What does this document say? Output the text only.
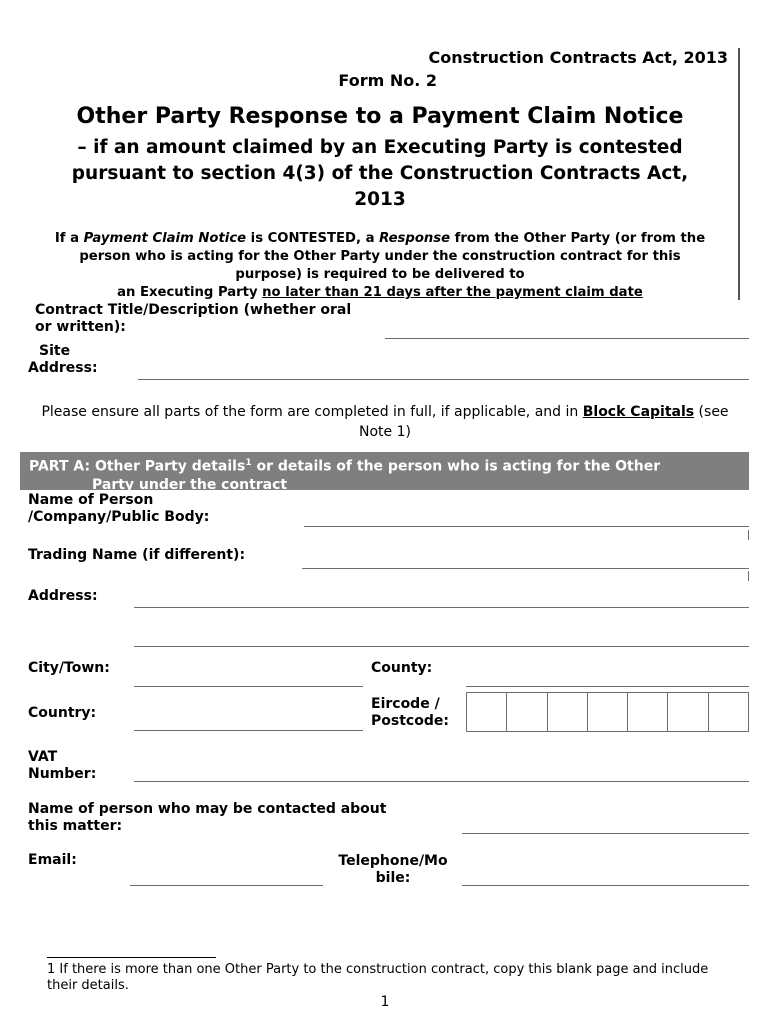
Construction Contracts Act, 2013
Form No. 2
Other Party Response to a Payment Claim Notice
– if an amount claimed by an Executing Party is contested
pursuant to section 4(3) of the Construction Contracts Act,
2013
If a Payment Claim Notice is CONTESTED, a Response from the Other Party (or from the
person who is acting for the Other Party under the construction contract for this
purpose) is required to be delivered to
an Executing Party no later than 21 days after the payment claim date
Contract Title/Description (whether oral or written):
Site
Address:
Please ensure all parts of the form are completed in full, if applicable, and in Block Capitals (see Note 1)
PART A: Other Party details$^1$ or details of the person who is acting for the Other
Party under the contract
Name of Person
/Company/Public Body:
Trading Name (if different):
Address:
City/Town:	County:
Country:
Eircode /
Postcode:
VAT
Number:
Name of person who may be contacted about
this matter:
Email:	Telephone/Mo
bile:
1 If there is more than one Other Party to the construction contract, copy this blank page and include their details.
1
